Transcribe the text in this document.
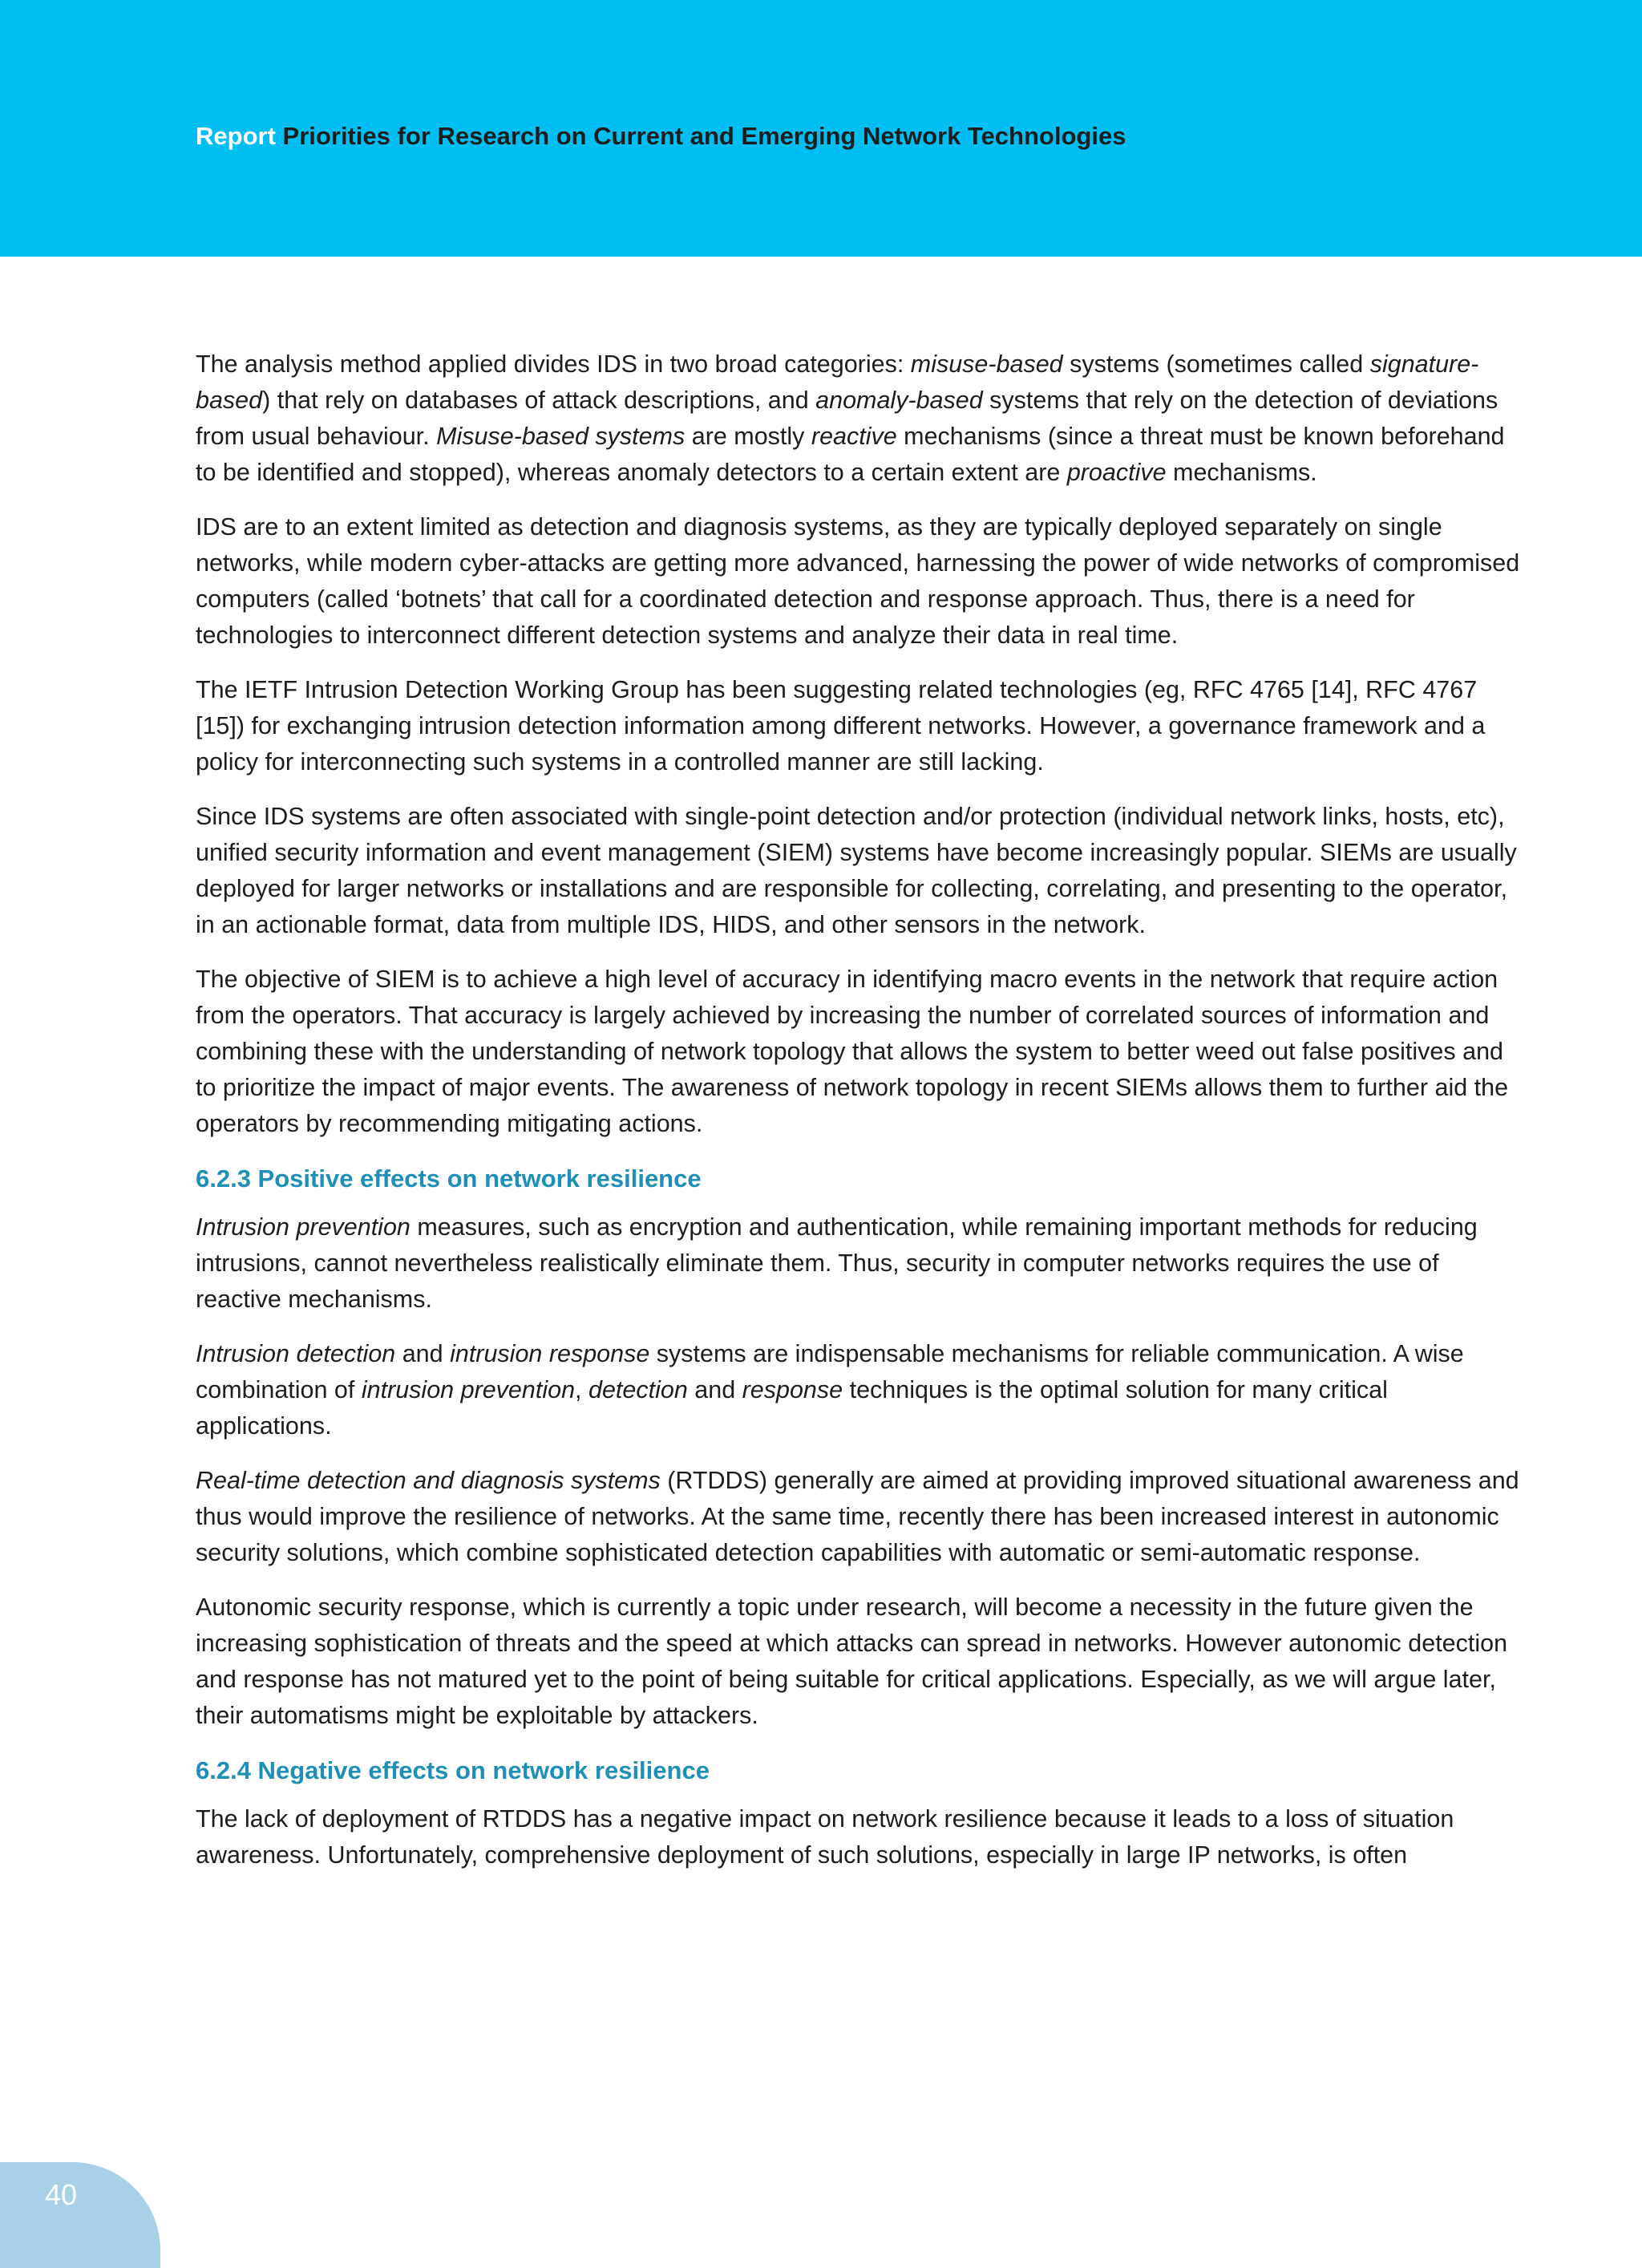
Report Priorities for Research on Current and Emerging Network Technologies

The analysis method applied divides IDS in two broad categories: misuse-based systems (sometimes called signature-based) that rely on databases of attack descriptions, and anomaly-based systems that rely on the detection of deviations from usual behaviour. Misuse-based systems are mostly reactive mechanisms (since a threat must be known beforehand to be identified and stopped), whereas anomaly detectors to a certain extent are proactive mechanisms.

IDS are to an extent limited as detection and diagnosis systems, as they are typically deployed separately on single networks, while modern cyber-attacks are getting more advanced, harnessing the power of wide networks of compromised computers (called ‘botnets’ that call for a coordinated detection and response approach. Thus, there is a need for technologies to interconnect different detection systems and analyze their data in real time.

The IETF Intrusion Detection Working Group has been suggesting related technologies (eg, RFC 4765 [14], RFC 4767 [15]) for exchanging intrusion detection information among different networks. However, a governance framework and a policy for interconnecting such systems in a controlled manner are still lacking.

Since IDS systems are often associated with single-point detection and/or protection (individual network links, hosts, etc), unified security information and event management (SIEM) systems have become increasingly popular. SIEMs are usually deployed for larger networks or installations and are responsible for collecting, correlating, and presenting to the operator, in an actionable format, data from multiple IDS, HIDS, and other sensors in the network.

The objective of SIEM is to achieve a high level of accuracy in identifying macro events in the network that require action from the operators. That accuracy is largely achieved by increasing the number of correlated sources of information and combining these with the understanding of network topology that allows the system to better weed out false positives and to prioritize the impact of major events. The awareness of network topology in recent SIEMs allows them to further aid the operators by recommending mitigating actions.

6.2.3 Positive effects on network resilience

Intrusion prevention measures, such as encryption and authentication, while remaining important methods for reducing intrusions, cannot nevertheless realistically eliminate them. Thus, security in computer networks requires the use of reactive mechanisms.

Intrusion detection and intrusion response systems are indispensable mechanisms for reliable communication. A wise combination of intrusion prevention, detection and response techniques is the optimal solution for many critical applications.

Real-time detection and diagnosis systems (RTDDS) generally are aimed at providing improved situational awareness and thus would improve the resilience of networks. At the same time, recently there has been increased interest in autonomic security solutions, which combine sophisticated detection capabilities with automatic or semi-automatic response.

Autonomic security response, which is currently a topic under research, will become a necessity in the future given the increasing sophistication of threats and the speed at which attacks can spread in networks. However autonomic detection and response has not matured yet to the point of being suitable for critical applications. Especially, as we will argue later, their automatisms might be exploitable by attackers.

6.2.4 Negative effects on network resilience

The lack of deployment of RTDDS has a negative impact on network resilience because it leads to a loss of situation awareness. Unfortunately, comprehensive deployment of such solutions, especially in large IP networks, is often

40
